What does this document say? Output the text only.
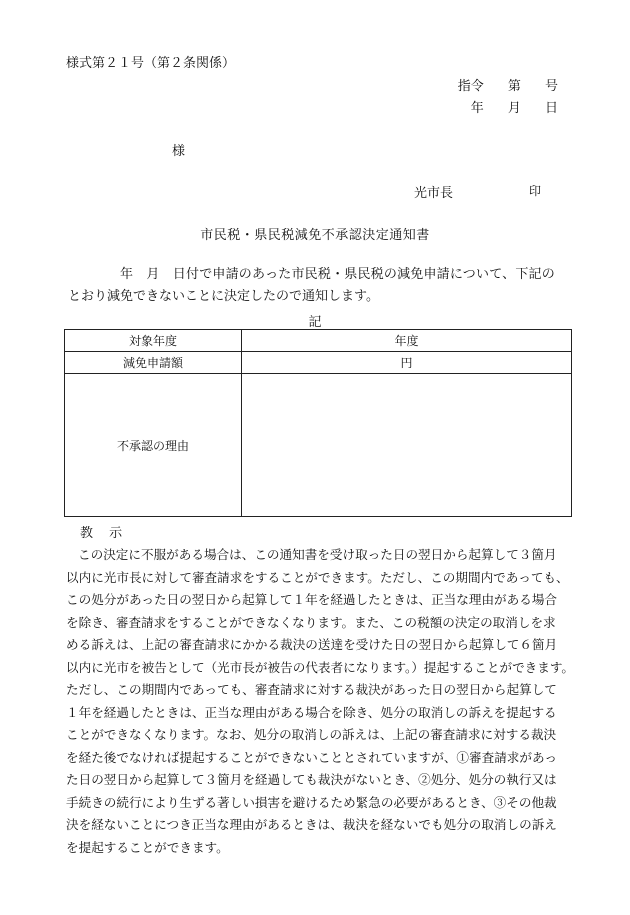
様式第２１号（第２条関係）
指令 第 号
年 月 日
様
光市長	印
市民税・県民税減免不承認決定通知書
年　月　日付で申請のあった市民税・県民税の減免申請について、下記の
とおり減免できないことに決定したので通知します。
記
対象年度	年度
減免申請額	円
不承認の理由	
教 示
この決定に不服がある場合は、この通知書を受け取った日の翌日から起算して３箇月
以内に光市長に対して審査請求をすることができます。ただし、この期間内であっても、
この処分があった日の翌日から起算して１年を経過したときは、正当な理由がある場合
を除き、審査請求をすることができなくなります。また、この税額の決定の取消しを求
める訴えは、上記の審査請求にかかる裁決の送達を受けた日の翌日から起算して６箇月
以内に光市を被告として（光市長が被告の代表者になります。）提起することができます。
ただし、この期間内であっても、審査請求に対する裁決があった日の翌日から起算して
１年を経過したときは、正当な理由がある場合を除き、処分の取消しの訴えを提起する
ことができなくなります。なお、処分の取消しの訴えは、上記の審査請求に対する裁決
を経た後でなければ提起することができないこととされていますが、①審査請求があっ
た日の翌日から起算して３箇月を経過しても裁決がないとき、②処分、処分の執行又は
手続きの続行により生ずる著しい損害を避けるため緊急の必要があるとき、③その他裁
決を経ないことにつき正当な理由があるときは、裁決を経ないでも処分の取消しの訴え
を提起することができます。
